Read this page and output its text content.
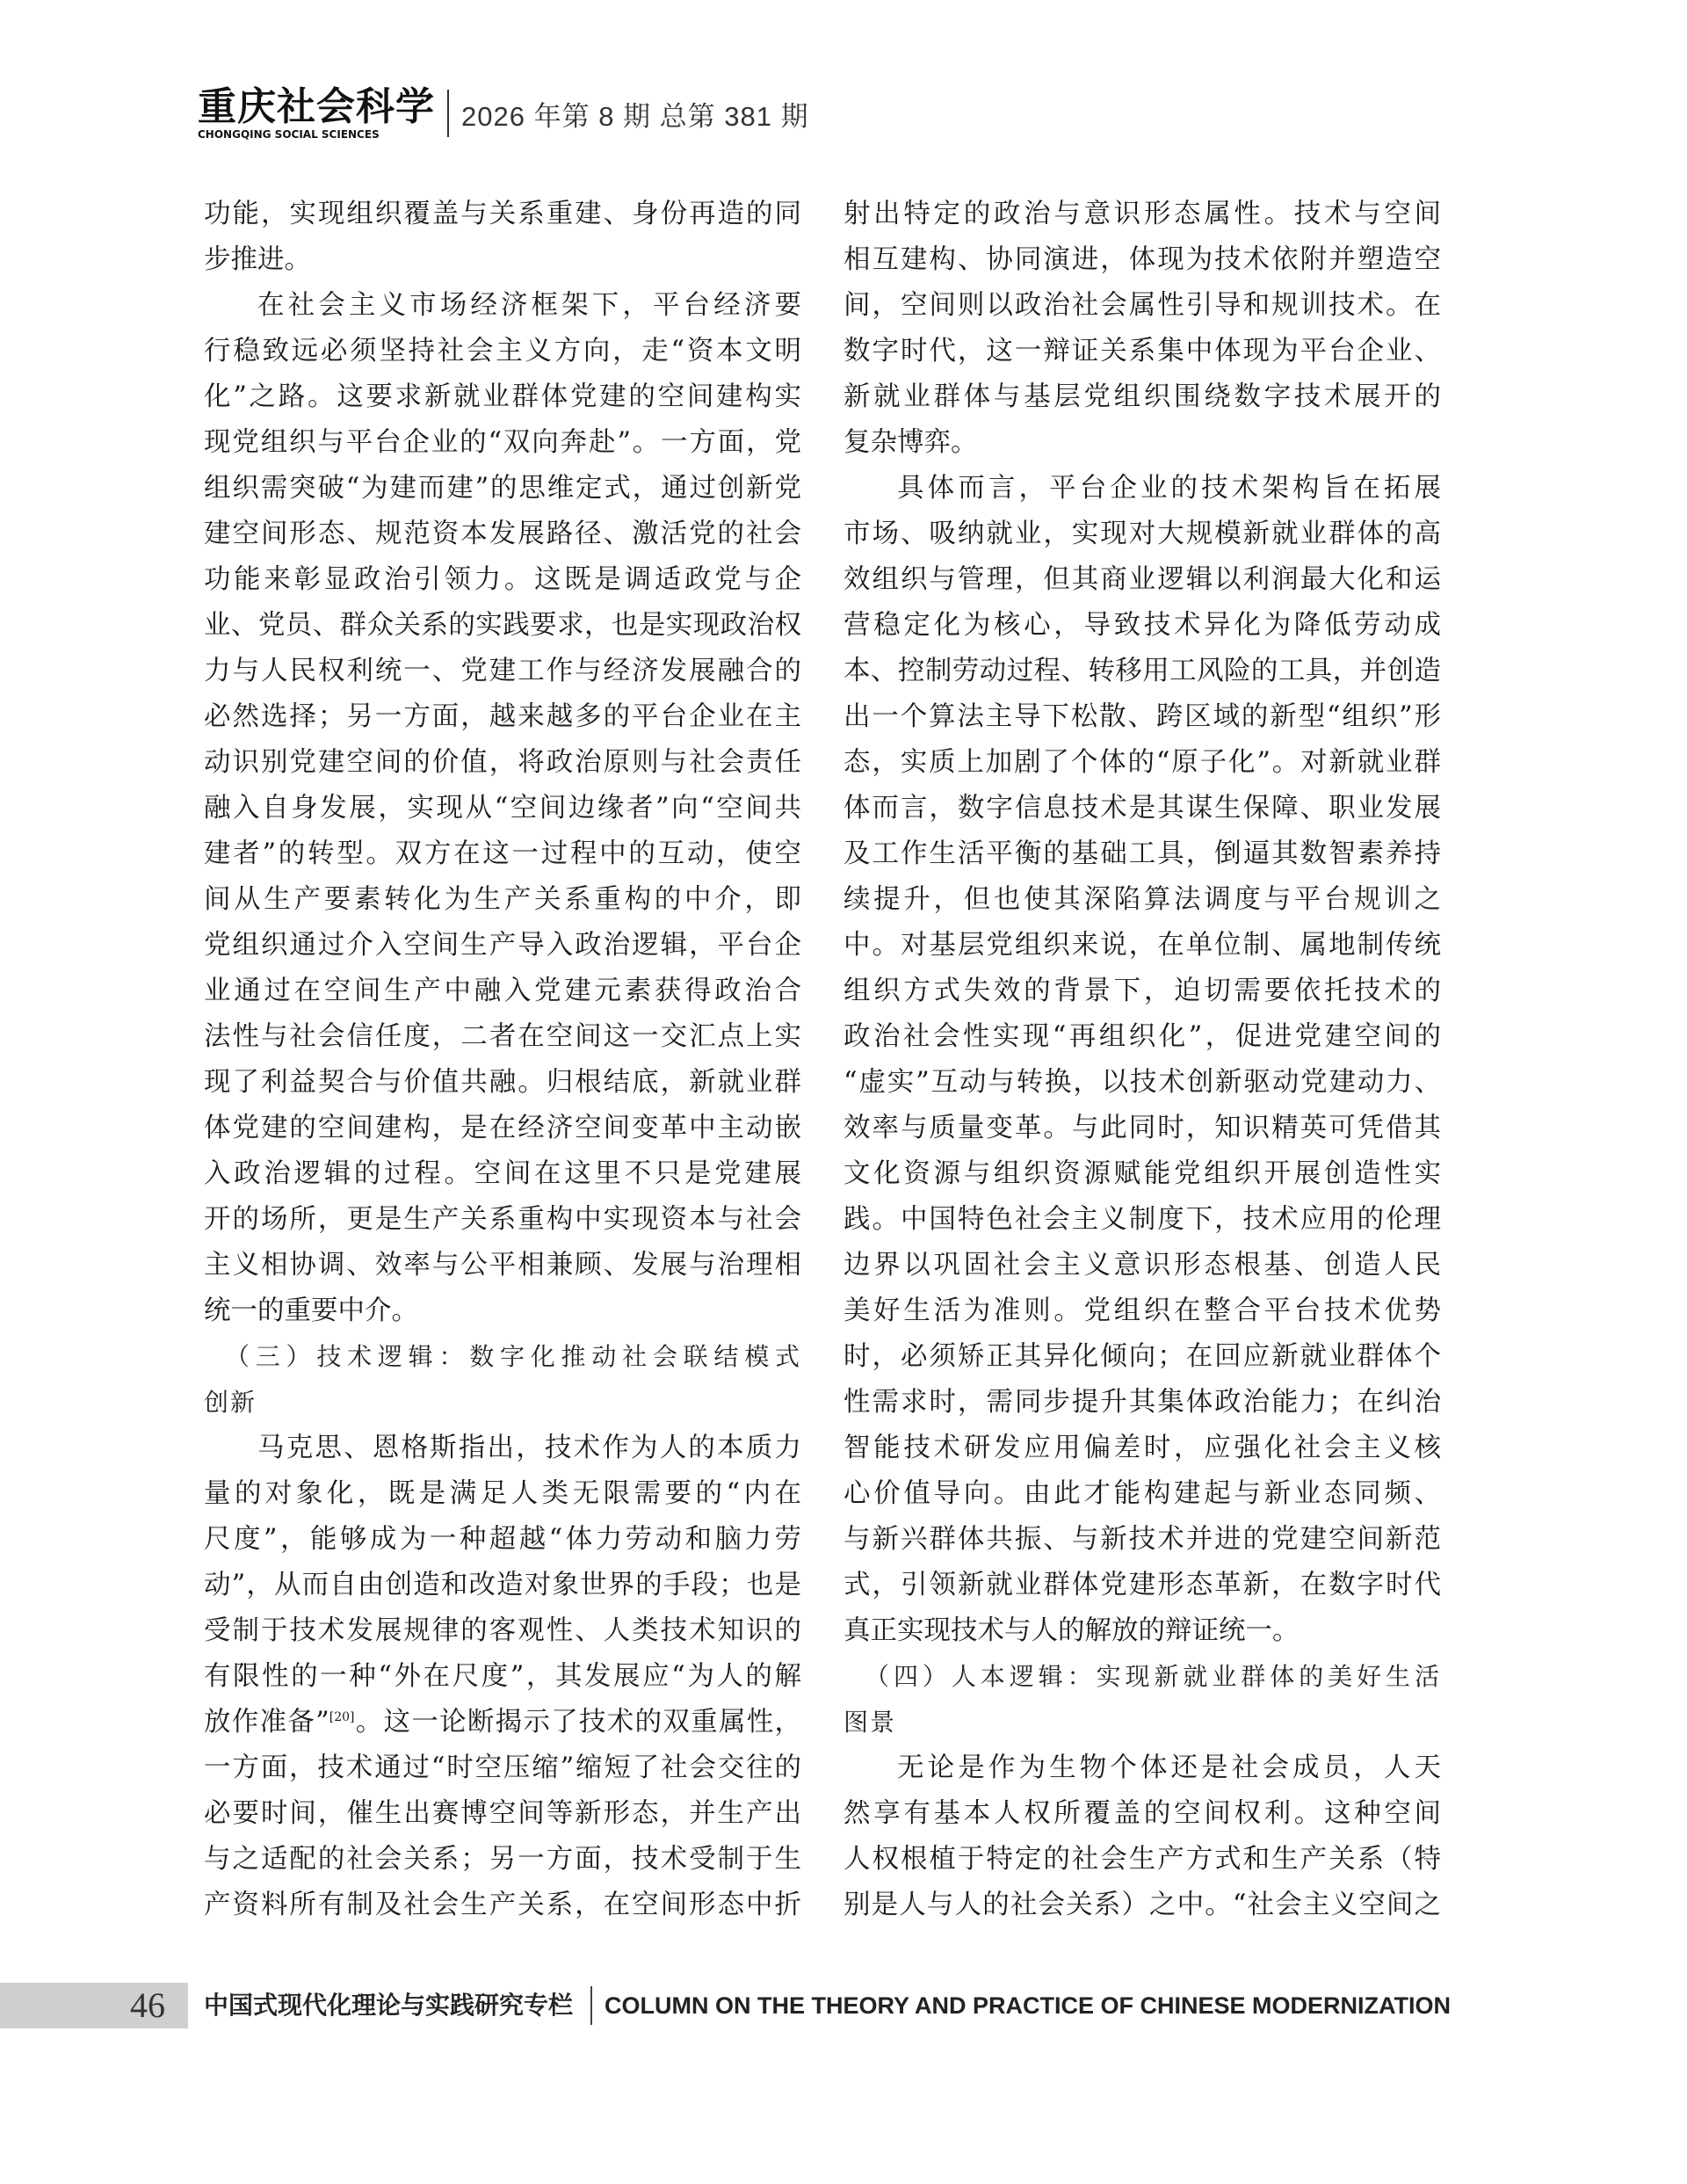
重庆社会科学
CHONGQING SOCIAL SCIENCES
2026 年第 8 期 总第 381 期
功能，实现组织覆盖与关系重建、身份再造的同
步推进。
在社会主义市场经济框架下，平台经济要
行稳致远必须坚持社会主义方向，走“资本文明
化”之路。这要求新就业群体党建的空间建构实
现党组织与平台企业的“双向奔赴”。一方面，党
组织需突破“为建而建”的思维定式，通过创新党
建空间形态、规范资本发展路径、激活党的社会
功能来彰显政治引领力。这既是调适政党与企
业、党员、群众关系的实践要求，也是实现政治权
力与人民权利统一、党建工作与经济发展融合的
必然选择；另一方面，越来越多的平台企业在主
动识别党建空间的价值，将政治原则与社会责任
融入自身发展，实现从“空间边缘者”向“空间共
建者”的转型。双方在这一过程中的互动，使空
间从生产要素转化为生产关系重构的中介，即
党组织通过介入空间生产导入政治逻辑，平台企
业通过在空间生产中融入党建元素获得政治合
法性与社会信任度，二者在空间这一交汇点上实
现了利益契合与价值共融。归根结底，新就业群
体党建的空间建构，是在经济空间变革中主动嵌
入政治逻辑的过程。空间在这里不只是党建展
开的场所，更是生产关系重构中实现资本与社会
主义相协调、效率与公平相兼顾、发展与治理相
统一的重要中介。
（三）技术逻辑：数字化推动社会联结模式
创新
马克思、恩格斯指出，技术作为人的本质力
量的对象化，既是满足人类无限需要的“内在
尺度”，能够成为一种超越“体力劳动和脑力劳
动”，从而自由创造和改造对象世界的手段；也是
受制于技术发展规律的客观性、人类技术知识的
有限性的一种“外在尺度”，其发展应“为人的解
放作准备”[20]。这一论断揭示了技术的双重属性，
一方面，技术通过“时空压缩”缩短了社会交往的
必要时间，催生出赛博空间等新形态，并生产出
与之适配的社会关系；另一方面，技术受制于生
产资料所有制及社会生产关系，在空间形态中折
射出特定的政治与意识形态属性。技术与空间
相互建构、协同演进，体现为技术依附并塑造空
间，空间则以政治社会属性引导和规训技术。在
数字时代，这一辩证关系集中体现为平台企业、
新就业群体与基层党组织围绕数字技术展开的
复杂博弈。
具体而言，平台企业的技术架构旨在拓展
市场、吸纳就业，实现对大规模新就业群体的高
效组织与管理，但其商业逻辑以利润最大化和运
营稳定化为核心，导致技术异化为降低劳动成
本、控制劳动过程、转移用工风险的工具，并创造
出一个算法主导下松散、跨区域的新型“组织”形
态，实质上加剧了个体的“原子化”。对新就业群
体而言，数字信息技术是其谋生保障、职业发展
及工作生活平衡的基础工具，倒逼其数智素养持
续提升，但也使其深陷算法调度与平台规训之
中。对基层党组织来说，在单位制、属地制传统
组织方式失效的背景下，迫切需要依托技术的
政治社会性实现“再组织化”，促进党建空间的
“虚实”互动与转换，以技术创新驱动党建动力、
效率与质量变革。与此同时，知识精英可凭借其
文化资源与组织资源赋能党组织开展创造性实
践。中国特色社会主义制度下，技术应用的伦理
边界以巩固社会主义意识形态根基、创造人民
美好生活为准则。党组织在整合平台技术优势
时，必须矫正其异化倾向；在回应新就业群体个
性需求时，需同步提升其集体政治能力；在纠治
智能技术研发应用偏差时，应强化社会主义核
心价值导向。由此才能构建起与新业态同频、
与新兴群体共振、与新技术并进的党建空间新范
式，引领新就业群体党建形态革新，在数字时代
真正实现技术与人的解放的辩证统一。
（四）人本逻辑：实现新就业群体的美好生活
图景
无论是作为生物个体还是社会成员，人天
然享有基本人权所覆盖的空间权利。这种空间
人权根植于特定的社会生产方式和生产关系（特
别是人与人的社会关系）之中。“社会主义空间之
46 中国式现代化理论与实践研究专栏 COLUMN ON THE THEORY AND PRACTICE OF CHINESE MODERNIZATION
